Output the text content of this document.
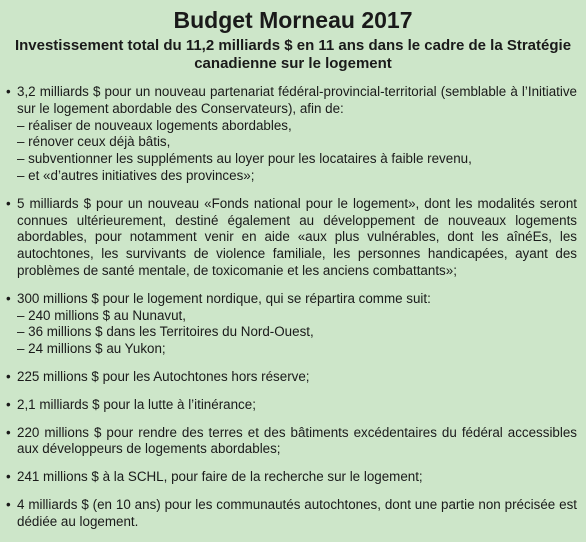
Budget Morneau 2017
Investissement total du 11,2 milliards $ en 11 ans dans le cadre de la Stratégie canadienne sur le logement
• 3,2 milliards $ pour un nouveau partenariat fédéral-provincial-territorial (semblable à l’Initiative sur le logement abordable des Conservateurs), afin de:
– réaliser de nouveaux logements abordables,
– rénover ceux déjà bâtis,
– subventionner les suppléments au loyer pour les locataires à faible revenu,
– et «d’autres initiatives des provinces»;
• 5 milliards $ pour un nouveau «Fonds national pour le logement», dont les modalités seront connues ultérieurement, destiné également au développement de nouveaux logements abordables, pour notamment venir en aide «aux plus vulnérables, dont les aînéEs, les autochtones, les survivants de violence familiale, les personnes handicapées, ayant des problèmes de santé mentale, de toxicomanie et les anciens combattants»;
• 300 millions $ pour le logement nordique, qui se répartira comme suit:
– 240 millions $ au Nunavut,
– 36 millions $ dans les Territoires du Nord-Ouest,
– 24 millions $ au Yukon;
• 225 millions $ pour les Autochtones hors réserve;
• 2,1 milliards $ pour la lutte à l’itinérance;
• 220 millions $ pour rendre des terres et des bâtiments excédentaires du fédéral accessibles aux développeurs de logements abordables;
• 241 millions $ à la SCHL, pour faire de la recherche sur le logement;
• 4 milliards $ (en 10 ans) pour les communautés autochtones, dont une partie non précisée est dédiée au logement.
